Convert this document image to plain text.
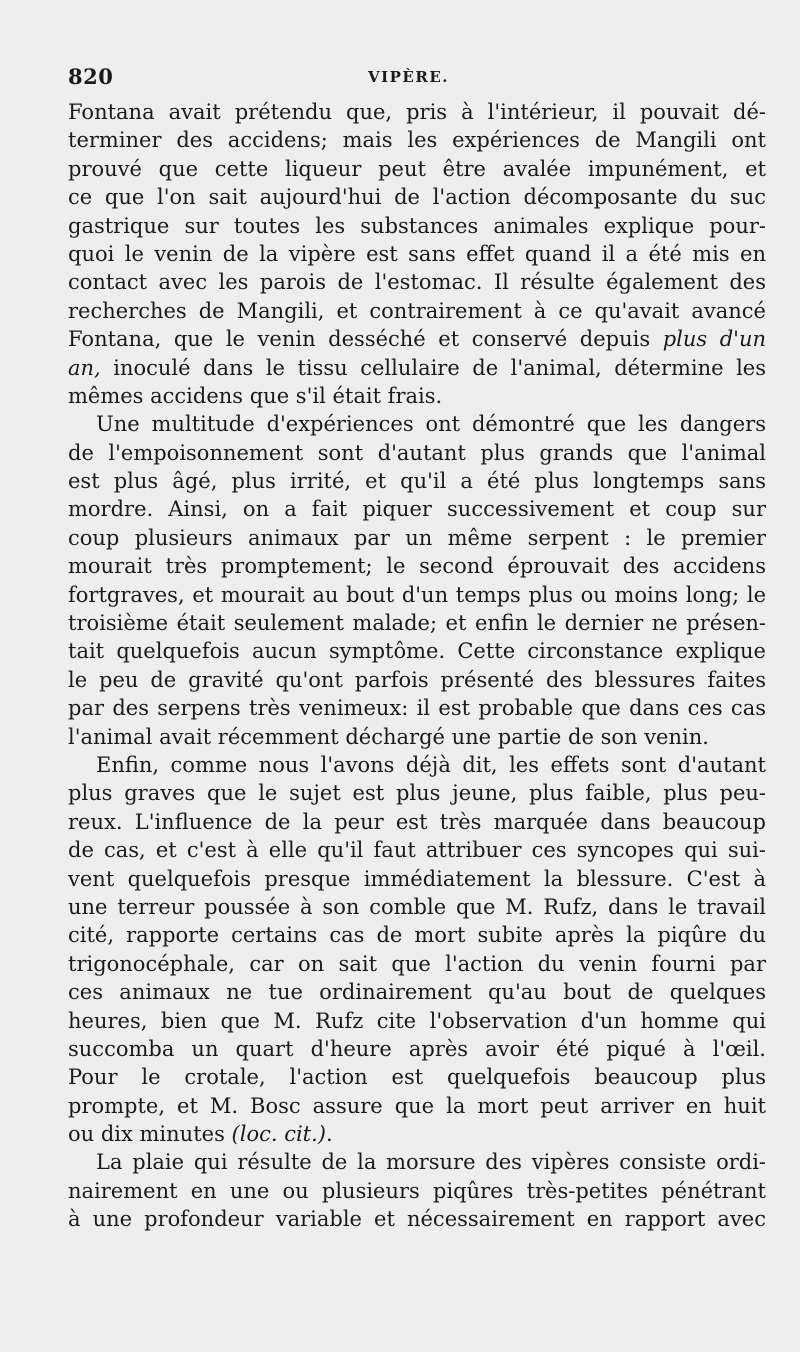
820	VIPÈRE.
Fontana avait prétendu que, pris à l'intérieur, il pouvait dé-
terminer des accidens; mais les expériences de Mangili ont
prouvé que cette liqueur peut être avalée impunément, et
ce que l'on sait aujourd'hui de l'action décomposante du suc
gastrique sur toutes les substances animales explique pour-
quoi le venin de la vipère est sans effet quand il a été mis en
contact avec les parois de l'estomac. Il résulte également des
recherches de Mangili, et contrairement à ce qu'avait avancé
Fontana, que le venin desséché et conservé depuis plus d'un
an, inoculé dans le tissu cellulaire de l'animal, détermine les
mêmes accidens que s'il était frais.
Une multitude d'expériences ont démontré que les dangers
de l'empoisonnement sont d'autant plus grands que l'animal
est plus âgé, plus irrité, et qu'il a été plus longtemps sans
mordre. Ainsi, on a fait piquer successivement et coup sur
coup plusieurs animaux par un même serpent : le premier
mourait très promptement; le second éprouvait des accidens
fortgraves, et mourait au bout d'un temps plus ou moins long; le
troisième était seulement malade; et enfin le dernier ne présen-
tait quelquefois aucun symptôme. Cette circonstance explique
le peu de gravité qu'ont parfois présenté des blessures faites
par des serpens très venimeux: il est probable que dans ces cas
l'animal avait récemment déchargé une partie de son venin.
Enfin, comme nous l'avons déjà dit, les effets sont d'autant
plus graves que le sujet est plus jeune, plus faible, plus peu-
reux. L'influence de la peur est très marquée dans beaucoup
de cas, et c'est à elle qu'il faut attribuer ces syncopes qui sui-
vent quelquefois presque immédiatement la blessure. C'est à
une terreur poussée à son comble que M. Rufz, dans le travail
cité, rapporte certains cas de mort subite après la piqûre du
trigonocéphale, car on sait que l'action du venin fourni par
ces animaux ne tue ordinairement qu'au bout de quelques
heures, bien que M. Rufz cite l'observation d'un homme qui
succomba un quart d'heure après avoir été piqué à l'œil.
Pour le crotale, l'action est quelquefois beaucoup plus
prompte, et M. Bosc assure que la mort peut arriver en huit
ou dix minutes (loc. cit.).
La plaie qui résulte de la morsure des vipères consiste ordi-
nairement en une ou plusieurs piqûres très-petites pénétrant
à une profondeur variable et nécessairement en rapport avec
